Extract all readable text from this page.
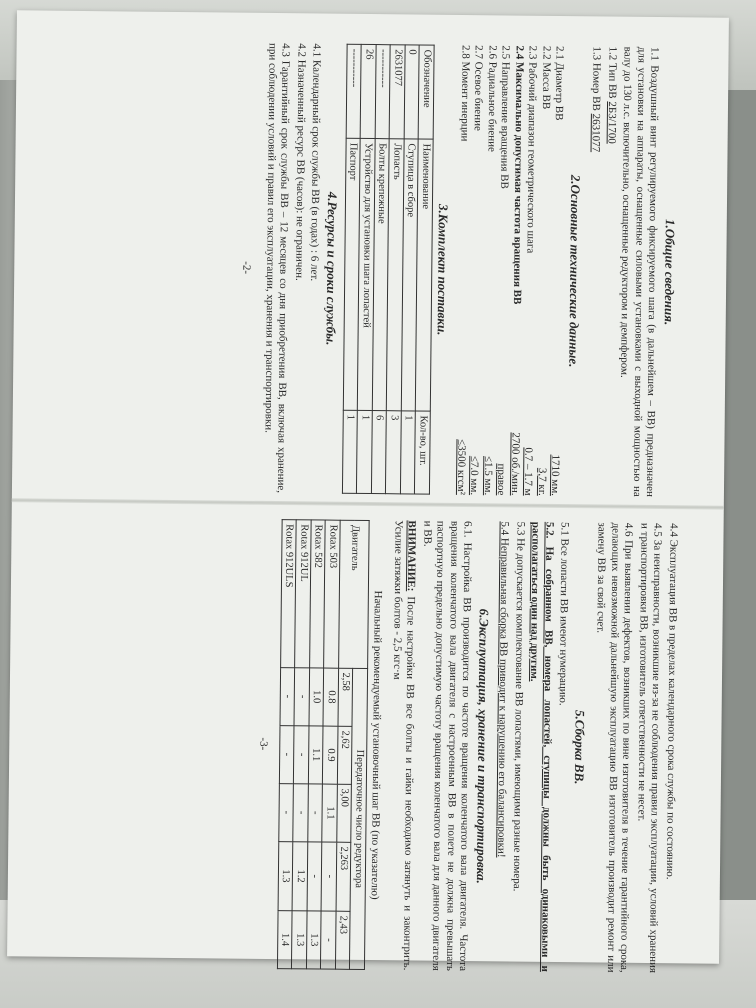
1.Общие сведения.

1.1 Воздушный винт регулируемого фиксируемого шага (в дальнейшем – ВВ) предназначен для установки на аппараты, оснащенные силовыми установками с выходной мощностью на валу до 130 л.с. включительно, оснащенные редуктором и демпфером.

1.2 Тип ВВ 2Б3/1700

1.3 Номер ВВ 2631077

2.Основные технические данные.
2.1 Диаметр ВВ
1710 мм.
2.2 Масса ВВ
3,7 кг.
2.3 Рабочий диапазон геометрического шага
0.7 – 1.7 м
2.4 Максимально допустимая частота вращения ВВ
2700 об./мин.
2.5 Направление вращения ВВ
правое
2.6 Радиальное биение
≤1.5 мм.
2.7 Осевое биение
≤7.0 мм.
2.8 Момент инерции
≤3500 кгсм²
3.Комплект поставки.
Обозначение	Наименование	Кол-во, шт.
0	Ступица в сборе	1
2631077	Лопасть	3
-----------	Болты крепежные	6
26	Устройство для установки шага лопастей	1
-----------	Паспорт	1
4.Ресурсы и сроки службы.

4.1 Календарный срок службы ВВ (в годах) : 6 лет.

4.2 Назначенный ресурс ВВ (часов): не ограничен.

4.3 Гарантийный срок службы ВВ – 12 месяцев со дня приобретения ВВ, включая хранение, при соблюдении условий и правил его эксплуатации, хранения и транспортировки.

-2-

4.4 Эксплуатация ВВ в пределах календарного срока службы по состоянию.

4.5 За неисправности, возникшие из-за не соблюдения правил эксплуатации, условий хранения и транспортировки ВВ, изготовитель ответственности не несет.

4.6 При выявлении дефектов, возникших по вине изготовителя в течение гарантийного срока, делающих невозможной дальнейшую эксплуатацию ВВ изготовитель производит ремонт или замену ВВ за свой счет.

5.Сборка ВВ.

5.1 Все лопасти ВВ имеют нумерацию.

5.2. На собранном ВВ, номера лопастей, ступицы должны быть одинаковыми и располагаться один над другим.

5.3 Не допускается комплектование ВВ лопастями, имеющими разные номера.

5.4 Неправильная сборка ВВ приводит к нарушению его балансировки!

6.Эксплуатация, хранение и транспортировка.

6.1. Настройка ВВ производится по частоте вращения коленчатого вала двигателя. Частота вращения коленчатого вала двигателя с настроенным ВВ в полете не должна превышать паспортную предельно допустимую частоту вращения коленчатого вала для данного двигателя и ВВ.

ВНИМАНИЕ: После настройки ВВ все болты и гайки необходимо затянуть и законтрить. Усилие затяжки болтов - 2,5 кгс·м

Начальный рекомендуемый установочный шаг ВВ (по указателю)

Двигатель	Передаточное число редуктора				
	2,58	2,62	3,00	2,263	2,43
Rotax 503	0.8	0.9	1.1	-	-
Rotax 582	1.0	1.1	-	-	1.3
Rotax 912UL	-	-	-	1.2	1.3
Rotax 912ULS	-	-	-	1.3	1.4
-3-
